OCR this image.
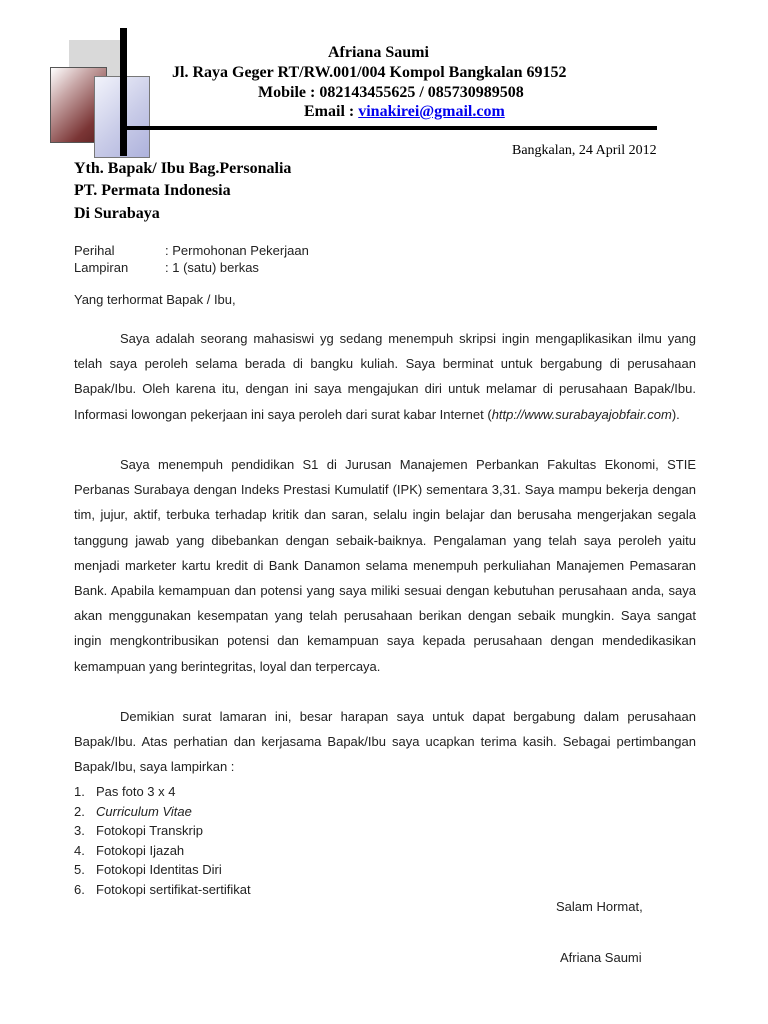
Afriana Saumi
Jl. Raya Geger RT/RW.001/004 Kompol Bangkalan 69152
Mobile : 082143455625 / 085730989508
Email : vinakirei@gmail.com
Bangkalan, 24 April 2012
Yth. Bapak/ Ibu Bag.Personalia
PT. Permata Indonesia
Di Surabaya
Perihal	: Permohonan Pekerjaan
Lampiran	: 1 (satu) berkas
Yang terhormat Bapak / Ibu,

Saya adalah seorang mahasiswi yg sedang menempuh skripsi ingin mengaplikasikan ilmu yang telah saya peroleh selama berada di bangku kuliah. Saya berminat untuk bergabung di perusahaan Bapak/Ibu. Oleh karena itu, dengan ini saya mengajukan diri untuk melamar di perusahaan Bapak/Ibu. Informasi lowongan pekerjaan ini saya peroleh dari surat kabar Internet (http://www.surabayajobfair.com).

Saya menempuh pendidikan S1 di Jurusan Manajemen Perbankan Fakultas Ekonomi, STIE Perbanas Surabaya dengan Indeks Prestasi Kumulatif (IPK) sementara 3,31. Saya mampu bekerja dengan tim, jujur, aktif, terbuka terhadap kritik dan saran, selalu ingin belajar dan berusaha mengerjakan segala tanggung jawab yang dibebankan dengan sebaik-baiknya. Pengalaman yang telah saya peroleh yaitu menjadi marketer kartu kredit di Bank Danamon selama menempuh perkuliahan Manajemen Pemasaran Bank. Apabila kemampuan dan potensi yang saya miliki sesuai dengan kebutuhan perusahaan anda, saya akan menggunakan kesempatan yang telah perusahaan berikan dengan sebaik mungkin. Saya sangat ingin mengkontribusikan potensi dan kemampuan saya kepada perusahaan dengan mendedikasikan kemampuan yang berintegritas, loyal dan terpercaya.

Demikian surat lamaran ini, besar harapan saya untuk dapat bergabung dalam perusahaan Bapak/Ibu. Atas perhatian dan kerjasama Bapak/Ibu saya ucapkan terima kasih. Sebagai pertimbangan Bapak/Ibu, saya lampirkan :

1. Pas foto 3 x 4
2. Curriculum Vitae
3. Fotokopi Transkrip
4. Fotokopi Ijazah
5. Fotokopi Identitas Diri
6. Fotokopi sertifikat-sertifikat
Salam Hormat,
Afriana Saumi
